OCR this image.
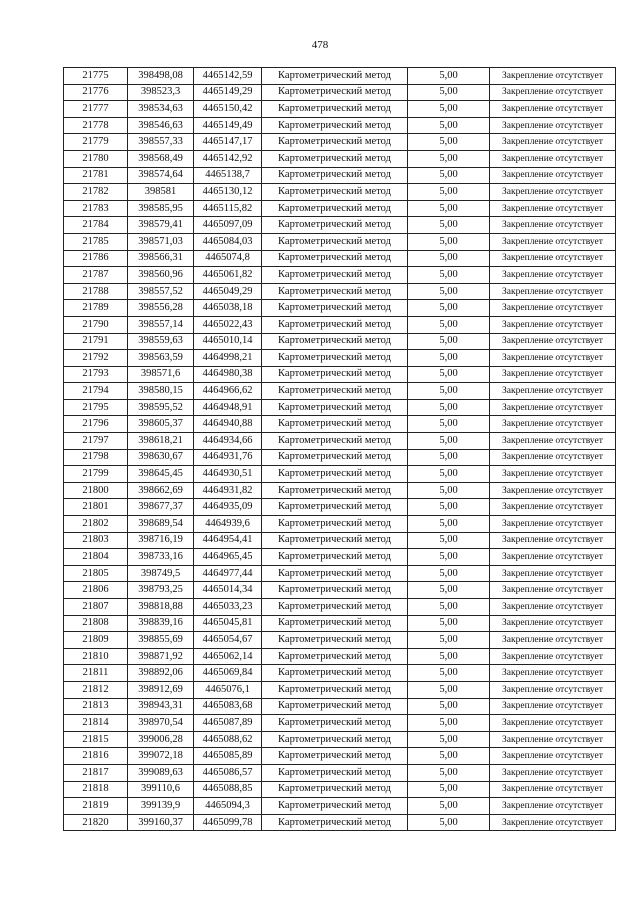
478
21775	398498,08	4465142,59	Картометрический метод	5,00	Закрепление отсутствует
21776	398523,3	4465149,29	Картометрический метод	5,00	Закрепление отсутствует
21777	398534,63	4465150,42	Картометрический метод	5,00	Закрепление отсутствует
21778	398546,63	4465149,49	Картометрический метод	5,00	Закрепление отсутствует
21779	398557,33	4465147,17	Картометрический метод	5,00	Закрепление отсутствует
21780	398568,49	4465142,92	Картометрический метод	5,00	Закрепление отсутствует
21781	398574,64	4465138,7	Картометрический метод	5,00	Закрепление отсутствует
21782	398581	4465130,12	Картометрический метод	5,00	Закрепление отсутствует
21783	398585,95	4465115,82	Картометрический метод	5,00	Закрепление отсутствует
21784	398579,41	4465097,09	Картометрический метод	5,00	Закрепление отсутствует
21785	398571,03	4465084,03	Картометрический метод	5,00	Закрепление отсутствует
21786	398566,31	4465074,8	Картометрический метод	5,00	Закрепление отсутствует
21787	398560,96	4465061,82	Картометрический метод	5,00	Закрепление отсутствует
21788	398557,52	4465049,29	Картометрический метод	5,00	Закрепление отсутствует
21789	398556,28	4465038,18	Картометрический метод	5,00	Закрепление отсутствует
21790	398557,14	4465022,43	Картометрический метод	5,00	Закрепление отсутствует
21791	398559,63	4465010,14	Картометрический метод	5,00	Закрепление отсутствует
21792	398563,59	4464998,21	Картометрический метод	5,00	Закрепление отсутствует
21793	398571,6	4464980,38	Картометрический метод	5,00	Закрепление отсутствует
21794	398580,15	4464966,62	Картометрический метод	5,00	Закрепление отсутствует
21795	398595,52	4464948,91	Картометрический метод	5,00	Закрепление отсутствует
21796	398605,37	4464940,88	Картометрический метод	5,00	Закрепление отсутствует
21797	398618,21	4464934,66	Картометрический метод	5,00	Закрепление отсутствует
21798	398630,67	4464931,76	Картометрический метод	5,00	Закрепление отсутствует
21799	398645,45	4464930,51	Картометрический метод	5,00	Закрепление отсутствует
21800	398662,69	4464931,82	Картометрический метод	5,00	Закрепление отсутствует
21801	398677,37	4464935,09	Картометрический метод	5,00	Закрепление отсутствует
21802	398689,54	4464939,6	Картометрический метод	5,00	Закрепление отсутствует
21803	398716,19	4464954,41	Картометрический метод	5,00	Закрепление отсутствует
21804	398733,16	4464965,45	Картометрический метод	5,00	Закрепление отсутствует
21805	398749,5	4464977,44	Картометрический метод	5,00	Закрепление отсутствует
21806	398793,25	4465014,34	Картометрический метод	5,00	Закрепление отсутствует
21807	398818,88	4465033,23	Картометрический метод	5,00	Закрепление отсутствует
21808	398839,16	4465045,81	Картометрический метод	5,00	Закрепление отсутствует
21809	398855,69	4465054,67	Картометрический метод	5,00	Закрепление отсутствует
21810	398871,92	4465062,14	Картометрический метод	5,00	Закрепление отсутствует
21811	398892,06	4465069,84	Картометрический метод	5,00	Закрепление отсутствует
21812	398912,69	4465076,1	Картометрический метод	5,00	Закрепление отсутствует
21813	398943,31	4465083,68	Картометрический метод	5,00	Закрепление отсутствует
21814	398970,54	4465087,89	Картометрический метод	5,00	Закрепление отсутствует
21815	399006,28	4465088,62	Картометрический метод	5,00	Закрепление отсутствует
21816	399072,18	4465085,89	Картометрический метод	5,00	Закрепление отсутствует
21817	399089,63	4465086,57	Картометрический метод	5,00	Закрепление отсутствует
21818	399110,6	4465088,85	Картометрический метод	5,00	Закрепление отсутствует
21819	399139,9	4465094,3	Картометрический метод	5,00	Закрепление отсутствует
21820	399160,37	4465099,78	Картометрический метод	5,00	Закрепление отсутствует
